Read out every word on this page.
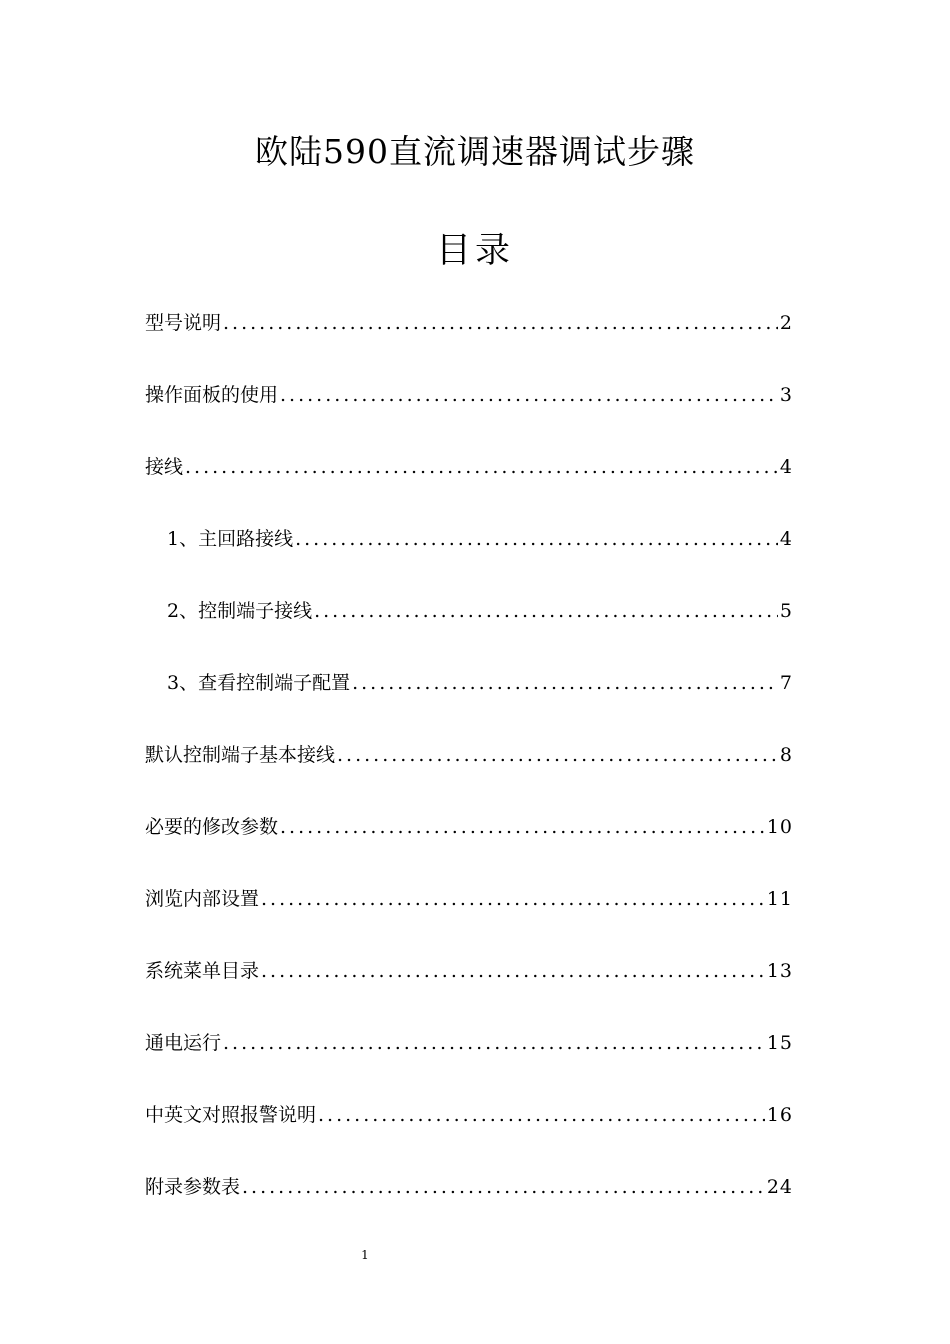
欧陆590直流调速器调试步骤
目录
型号说明 .....	2
操作面板的使用 .....	3
接线 .....	4
1、主回路接线 .....	4
2、控制端子接线 .....	5
3、查看控制端子配置 .....	7
默认控制端子基本接线 .....	8
必要的修改参数 .....	10
浏览内部设置 .....	11
系统菜单目录 .....	13
通电运行 .....	15
中英文对照报警说明 .....	16
附录参数表 .....	24
1
